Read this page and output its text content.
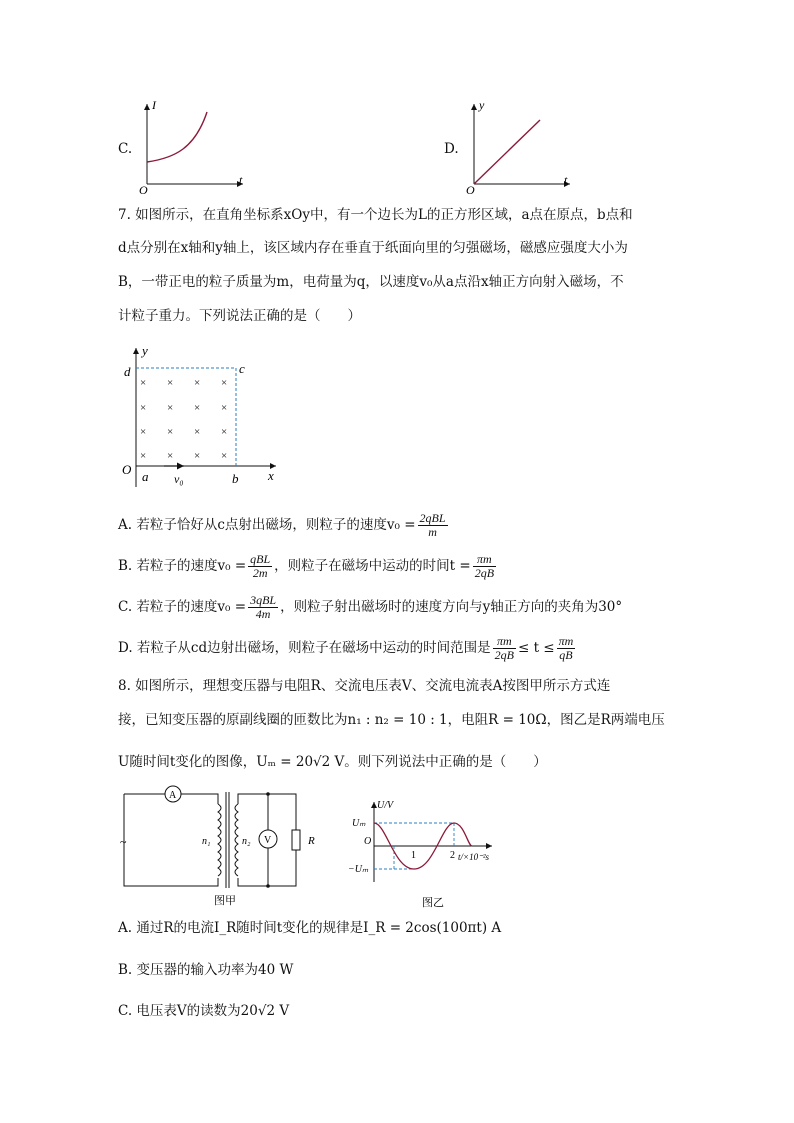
C.
I
t
O
D.
y
t
O
7. 如图所示，在直角坐标系xOy中，有一个边长为L的正方形区域，a点在原点，b点和
d点分别在x轴和y轴上，该区域内存在垂直于纸面向里的匀强磁场，磁感应强度大小为
B，一带正电的粒子质量为m，电荷量为q，以速度v₀从a点沿x轴正方向射入磁场，不
计粒子重力。下列说法正确的是（　　）
× × × ×
× × × ×
× × × ×
× × × ×
y
d	c
O a v₀	b x
A. 若粒子恰好从c点射出磁场，则粒子的速度$v_0 = \frac{\text{2qBL}}{m}$
B. 若粒子的速度$v_0 = \frac{\text{qBL}}{2m}$ ，则粒子在磁场中运动的时间$t = \frac{\pi m}{2qB}$
C. 若粒子的速度$v_0 = \frac{\text{3qBL}}{4m}$ ，则粒子射出磁场时的速度方向与y轴正方向的夹角为30°
D. 若粒子从cd边射出磁场，则粒子在磁场中运动的时间范围是 $\frac{\pi m}{2qB} \le t \le \frac{\pi m}{qB}$
8. 如图所示，理想变压器与电阻R、交流电压表V、交流电流表A按图甲所示方式连
接，已知变压器的原副线圈的匝数比为n₁ : n₂ = 10 : 1，电阻R = 10Ω，图乙是R两端电压
U随时间t变化的图像，Uₘ = 20√2 V。则下列说法中正确的是（　　）
A
V
~	n₁	n₂	R
图甲
U/V
Uₘ
−Uₘ
O
1	2 t/×10⁻²s
图乙
A. 通过R的电流I_R随时间t变化的规律是I_R = 2cos(100πt) A
B. 变压器的输入功率为40 W
C. 电压表V的读数为20√2 V
